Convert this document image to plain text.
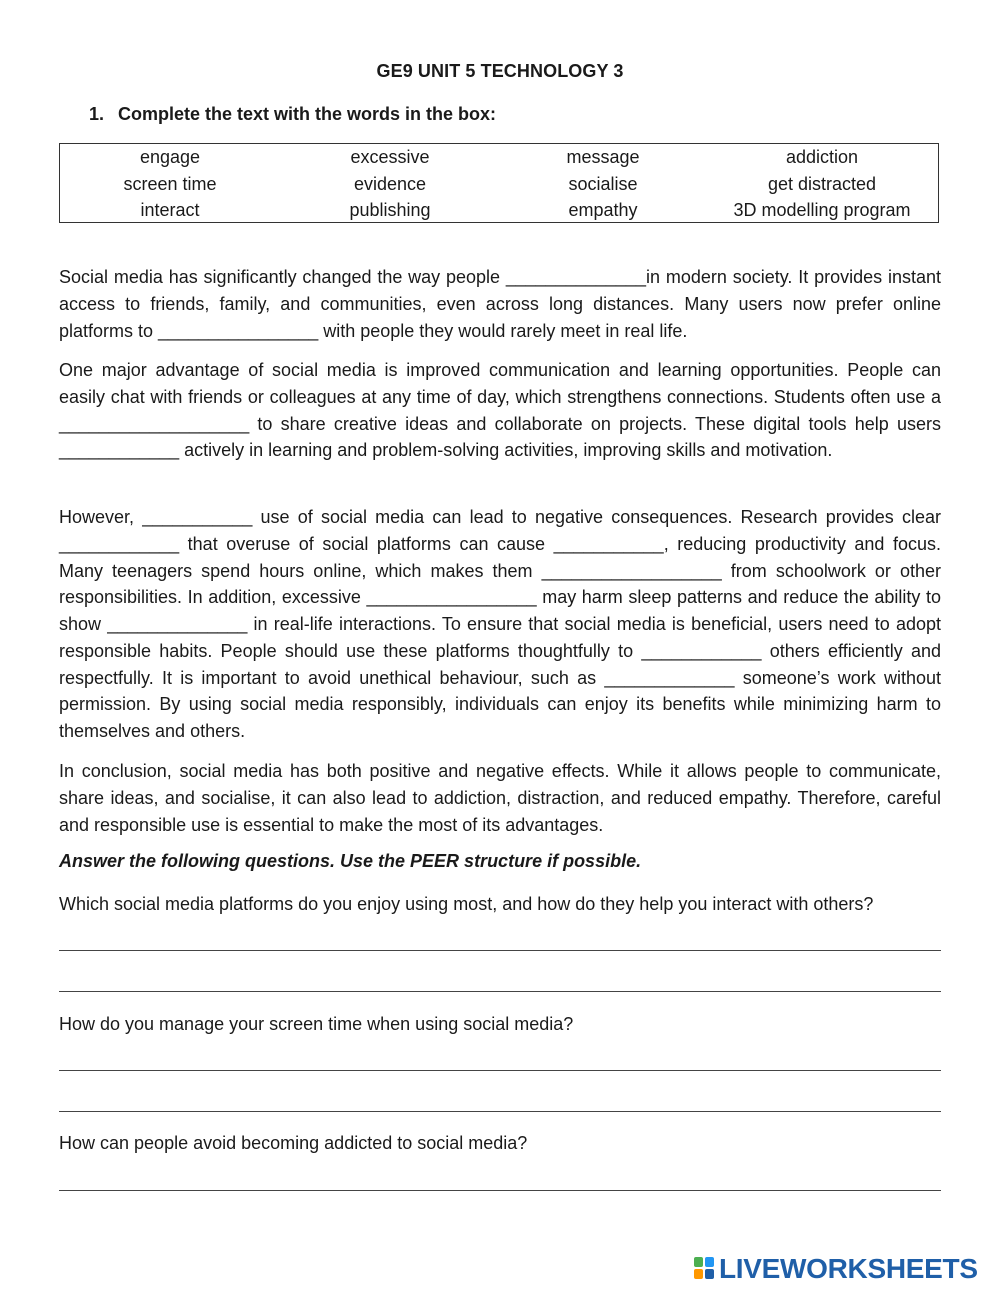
GE9 UNIT 5 TECHNOLOGY 3
1. Complete the text with the words in the box:
engage	excessive	message	addiction
screen time	evidence	socialise	get distracted
interact	publishing	empathy	3D modelling program

Social media has significantly changed the way people ______________in modern society. It provides instant access to friends, family, and communities, even across long distances. Many users now prefer online platforms to ________________ with people they would rarely meet in real life.

One major advantage of social media is improved communication and learning opportunities. People can easily chat with friends or colleagues at any time of day, which strengthens connections. Students often use a ___________________ to share creative ideas and collaborate on projects. These digital tools help users ____________ actively in learning and problem-solving activities, improving skills and motivation.

However, ___________ use of social media can lead to negative consequences. Research provides clear ____________ that overuse of social platforms can cause ___________, reducing productivity and focus. Many teenagers spend hours online, which makes them __________________ from schoolwork or other responsibilities. In addition, excessive _________________ may harm sleep patterns and reduce the ability to show ______________ in real-life interactions. To ensure that social media is beneficial, users need to adopt responsible habits. People should use these platforms thoughtfully to ____________ others efficiently and respectfully. It is important to avoid unethical behaviour, such as _____________ someone’s work without permission. By using social media responsibly, individuals can enjoy its benefits while minimizing harm to themselves and others.

In conclusion, social media has both positive and negative effects. While it allows people to communicate, share ideas, and socialise, it can also lead to addiction, distraction, and reduced empathy. Therefore, careful and responsible use is essential to make the most of its advantages.

Answer the following questions. Use the PEER structure if possible.
Which social media platforms do you enjoy using most, and how do they help you interact with others?
How do you manage your screen time when using social media?
How can people avoid becoming addicted to social media?
LIVEWORKSHEETS
